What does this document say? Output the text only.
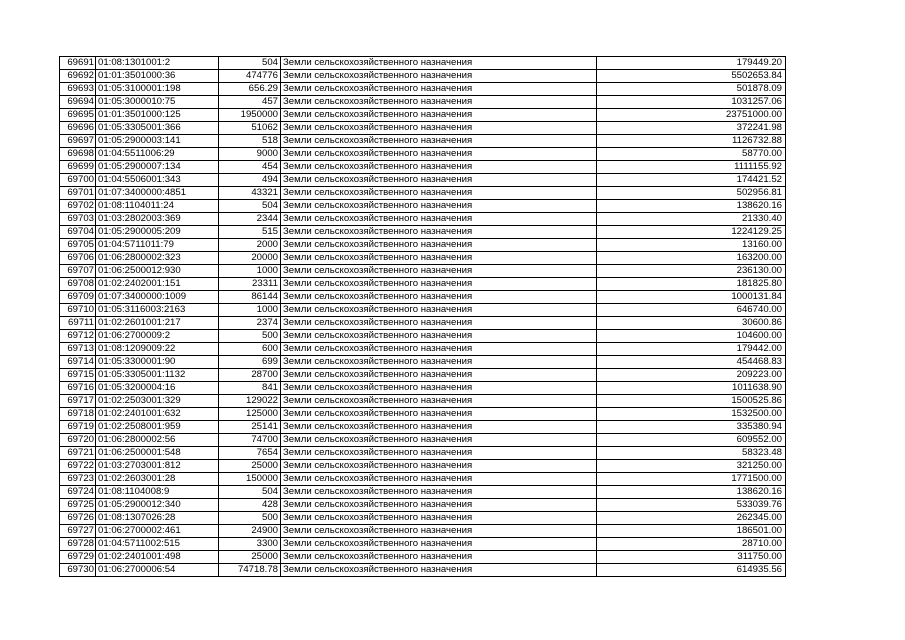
69691	01:08:1301001:2	504	Земли сельскохозяйственного назначения	179449.20
69692	01:01:3501000:36	474776	Земли сельскохозяйственного назначения	5502653.84
69693	01:05:3100001:198	656.29	Земли сельскохозяйственного назначения	501878.09
69694	01:05:3000010:75	457	Земли сельскохозяйственного назначения	1031257.06
69695	01:01:3501000:125	1950000	Земли сельскохозяйственного назначения	23751000.00
69696	01:05:3305001:366	51062	Земли сельскохозяйственного назначения	372241.98
69697	01:05:2900003:141	518	Земли сельскохозяйственного назначения	1126732.88
69698	01:04:5511006:29	9000	Земли сельскохозяйственного назначения	58770.00
69699	01:05:2900007:134	454	Земли сельскохозяйственного назначения	1111155.92
69700	01:04:5506001:343	494	Земли сельскохозяйственного назначения	174421.52
69701	01:07:3400000:4851	43321	Земли сельскохозяйственного назначения	502956.81
69702	01:08:1104011:24	504	Земли сельскохозяйственного назначения	138620.16
69703	01:03:2802003:369	2344	Земли сельскохозяйственного назначения	21330.40
69704	01:05:2900005:209	515	Земли сельскохозяйственного назначения	1224129.25
69705	01:04:5711011:79	2000	Земли сельскохозяйственного назначения	13160.00
69706	01:06:2800002:323	20000	Земли сельскохозяйственного назначения	163200.00
69707	01:06:2500012:930	1000	Земли сельскохозяйственного назначения	236130.00
69708	01:02:2402001:151	23311	Земли сельскохозяйственного назначения	181825.80
69709	01:07:3400000:1009	86144	Земли сельскохозяйственного назначения	1000131.84
69710	01:05:3116003:2163	1000	Земли сельскохозяйственного назначения	646740.00
69711	01:02:2601001:217	2374	Земли сельскохозяйственного назначения	30600.86
69712	01:06:2700009:2	500	Земли сельскохозяйственного назначения	104600.00
69713	01:08:1209009:22	600	Земли сельскохозяйственного назначения	179442.00
69714	01:05:3300001:90	699	Земли сельскохозяйственного назначения	454468.83
69715	01:05:3305001:1132	28700	Земли сельскохозяйственного назначения	209223.00
69716	01:05:3200004:16	841	Земли сельскохозяйственного назначения	1011638.90
69717	01:02:2503001:329	129022	Земли сельскохозяйственного назначения	1500525.86
69718	01:02:2401001:632	125000	Земли сельскохозяйственного назначения	1532500.00
69719	01:02:2508001:959	25141	Земли сельскохозяйственного назначения	335380.94
69720	01:06:2800002:56	74700	Земли сельскохозяйственного назначения	609552.00
69721	01:06:2500001:548	7654	Земли сельскохозяйственного назначения	58323.48
69722	01:03:2703001:812	25000	Земли сельскохозяйственного назначения	321250.00
69723	01:02:2603001:28	150000	Земли сельскохозяйственного назначения	1771500.00
69724	01:08:1104008:9	504	Земли сельскохозяйственного назначения	138620.16
69725	01:05:2900012:340	428	Земли сельскохозяйственного назначения	533039.76
69726	01:08:1307026:28	500	Земли сельскохозяйственного назначения	262345.00
69727	01:06:2700002:461	24900	Земли сельскохозяйственного назначения	186501.00
69728	01:04:5711002:515	3300	Земли сельскохозяйственного назначения	28710.00
69729	01:02:2401001:498	25000	Земли сельскохозяйственного назначения	311750.00
69730	01:06:2700006:54	74718.78	Земли сельскохозяйственного назначения	614935.56
